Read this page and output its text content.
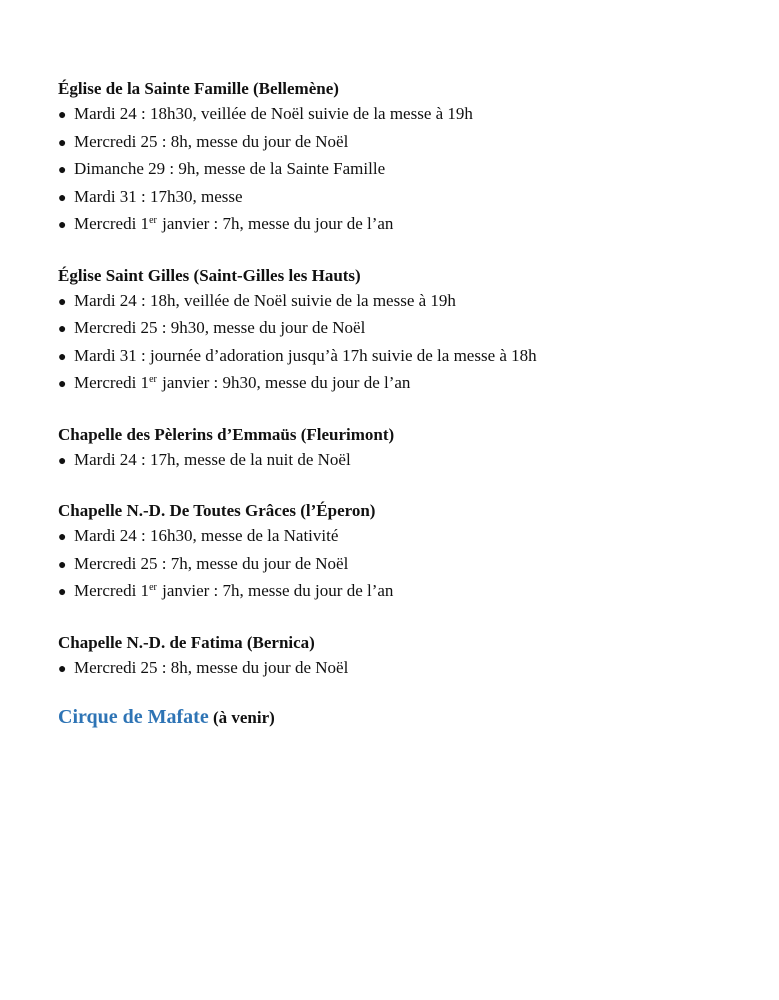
Église de la Sainte Famille (Bellemène)
● Mardi 24 : 18h30, veillée de Noël suivie de la messe à 19h
● Mercredi 25 : 8h, messe du jour de Noël
● Dimanche 29 : 9h, messe de la Sainte Famille
● Mardi 31 : 17h30, messe
● Mercredi 1er janvier : 7h, messe du jour de l’an
Église Saint Gilles (Saint-Gilles les Hauts)
● Mardi 24 : 18h, veillée de Noël suivie de la messe à 19h
● Mercredi 25 : 9h30, messe du jour de Noël
● Mardi 31 : journée d’adoration jusqu’à 17h suivie de la messe à 18h
● Mercredi 1er janvier : 9h30, messe du jour de l’an
Chapelle des Pèlerins d’Emmaüs (Fleurimont)
● Mardi 24 : 17h, messe de la nuit de Noël
Chapelle N.-D. De Toutes Grâces (l’Éperon)
● Mardi 24 : 16h30, messe de la Nativité
● Mercredi 25 : 7h, messe du jour de Noël
● Mercredi 1er janvier : 7h, messe du jour de l’an
Chapelle N.-D. de Fatima (Bernica)
● Mercredi 25 : 8h, messe du jour de Noël
Cirque de Mafate (à venir)
